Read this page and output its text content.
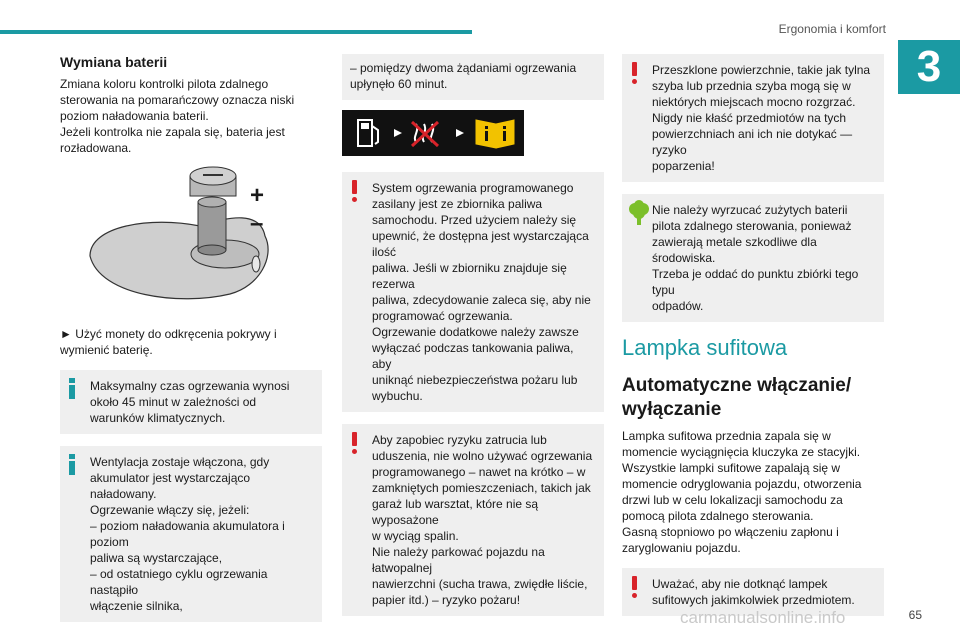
Ergonomia i komfort
3
Wymiana baterii

Zmiana koloru kontrolki pilota zdalnego
sterowania na pomarańczowy oznacza niski
poziom naładowania baterii.
Jeżeli kontrolka nie zapala się, bateria jest
rozładowana.

+
–

► Użyć monety do odkręcenia pokrywy i
wymienić baterię.

Maksymalny czas ogrzewania wynosi
około 45 minut w zależności od
warunków klimatycznych.
Wentylacja zostaje włączona, gdy
akumulator jest wystarczająco
naładowany.
Ogrzewanie włączy się, jeżeli:
– poziom naładowania akumulatora i poziom
paliwa są wystarczające,
– od ostatniego cyklu ogrzewania nastąpiło
włączenie silnika,
– pomiędzy dwoma żądaniami ogrzewania
upłynęło 60 minut.
System ogrzewania programowanego
zasilany jest ze zbiornika paliwa
samochodu. Przed użyciem należy się
upewnić, że dostępna jest wystarczająca ilość
paliwa. Jeśli w zbiorniku znajduje się rezerwa
paliwa, zdecydowanie zaleca się, aby nie
programować ogrzewania.
Ogrzewanie dodatkowe należy zawsze
wyłączać podczas tankowania paliwa, aby
uniknąć niebezpieczeństwa pożaru lub
wybuchu.
Aby zapobiec ryzyku zatrucia lub
uduszenia, nie wolno używać ogrzewania
programowanego – nawet na krótko – w
zamkniętych pomieszczeniach, takich jak
garaż lub warsztat, które nie są wyposażone
w wyciąg spalin.
Nie należy parkować pojazdu na łatwopalnej
nawierzchni (sucha trawa, zwiędłe liście,
papier itd.) – ryzyko pożaru!
Przeszklone powierzchnie, takie jak tylna
szyba lub przednia szyba mogą się w
niektórych miejscach mocno rozgrzać.
Nigdy nie kłaść przedmiotów na tych
powierzchniach ani ich nie dotykać — ryzyko
poparzenia!
Nie należy wyrzucać zużytych baterii
pilota zdalnego sterowania, ponieważ
zawierają metale szkodliwe dla środowiska.
Trzeba je oddać do punktu zbiórki tego typu
odpadów.
Lampka sufitowa
Automatyczne włączanie/
wyłączanie

Lampka sufitowa przednia zapala się w
momencie wyciągnięcia kluczyka ze stacyjki.
Wszystkie lampki sufitowe zapalają się w
momencie odryglowania pojazdu, otworzenia
drzwi lub w celu lokalizacji samochodu za
pomocą pilota zdalnego sterowania.
Gasną stopniowo po włączeniu zapłonu i
zaryglowaniu pojazdu.

Uważać, aby nie dotknąć lampek
sufitowych jakimkolwiek przedmiotem.
carmanualsonline.info	65
